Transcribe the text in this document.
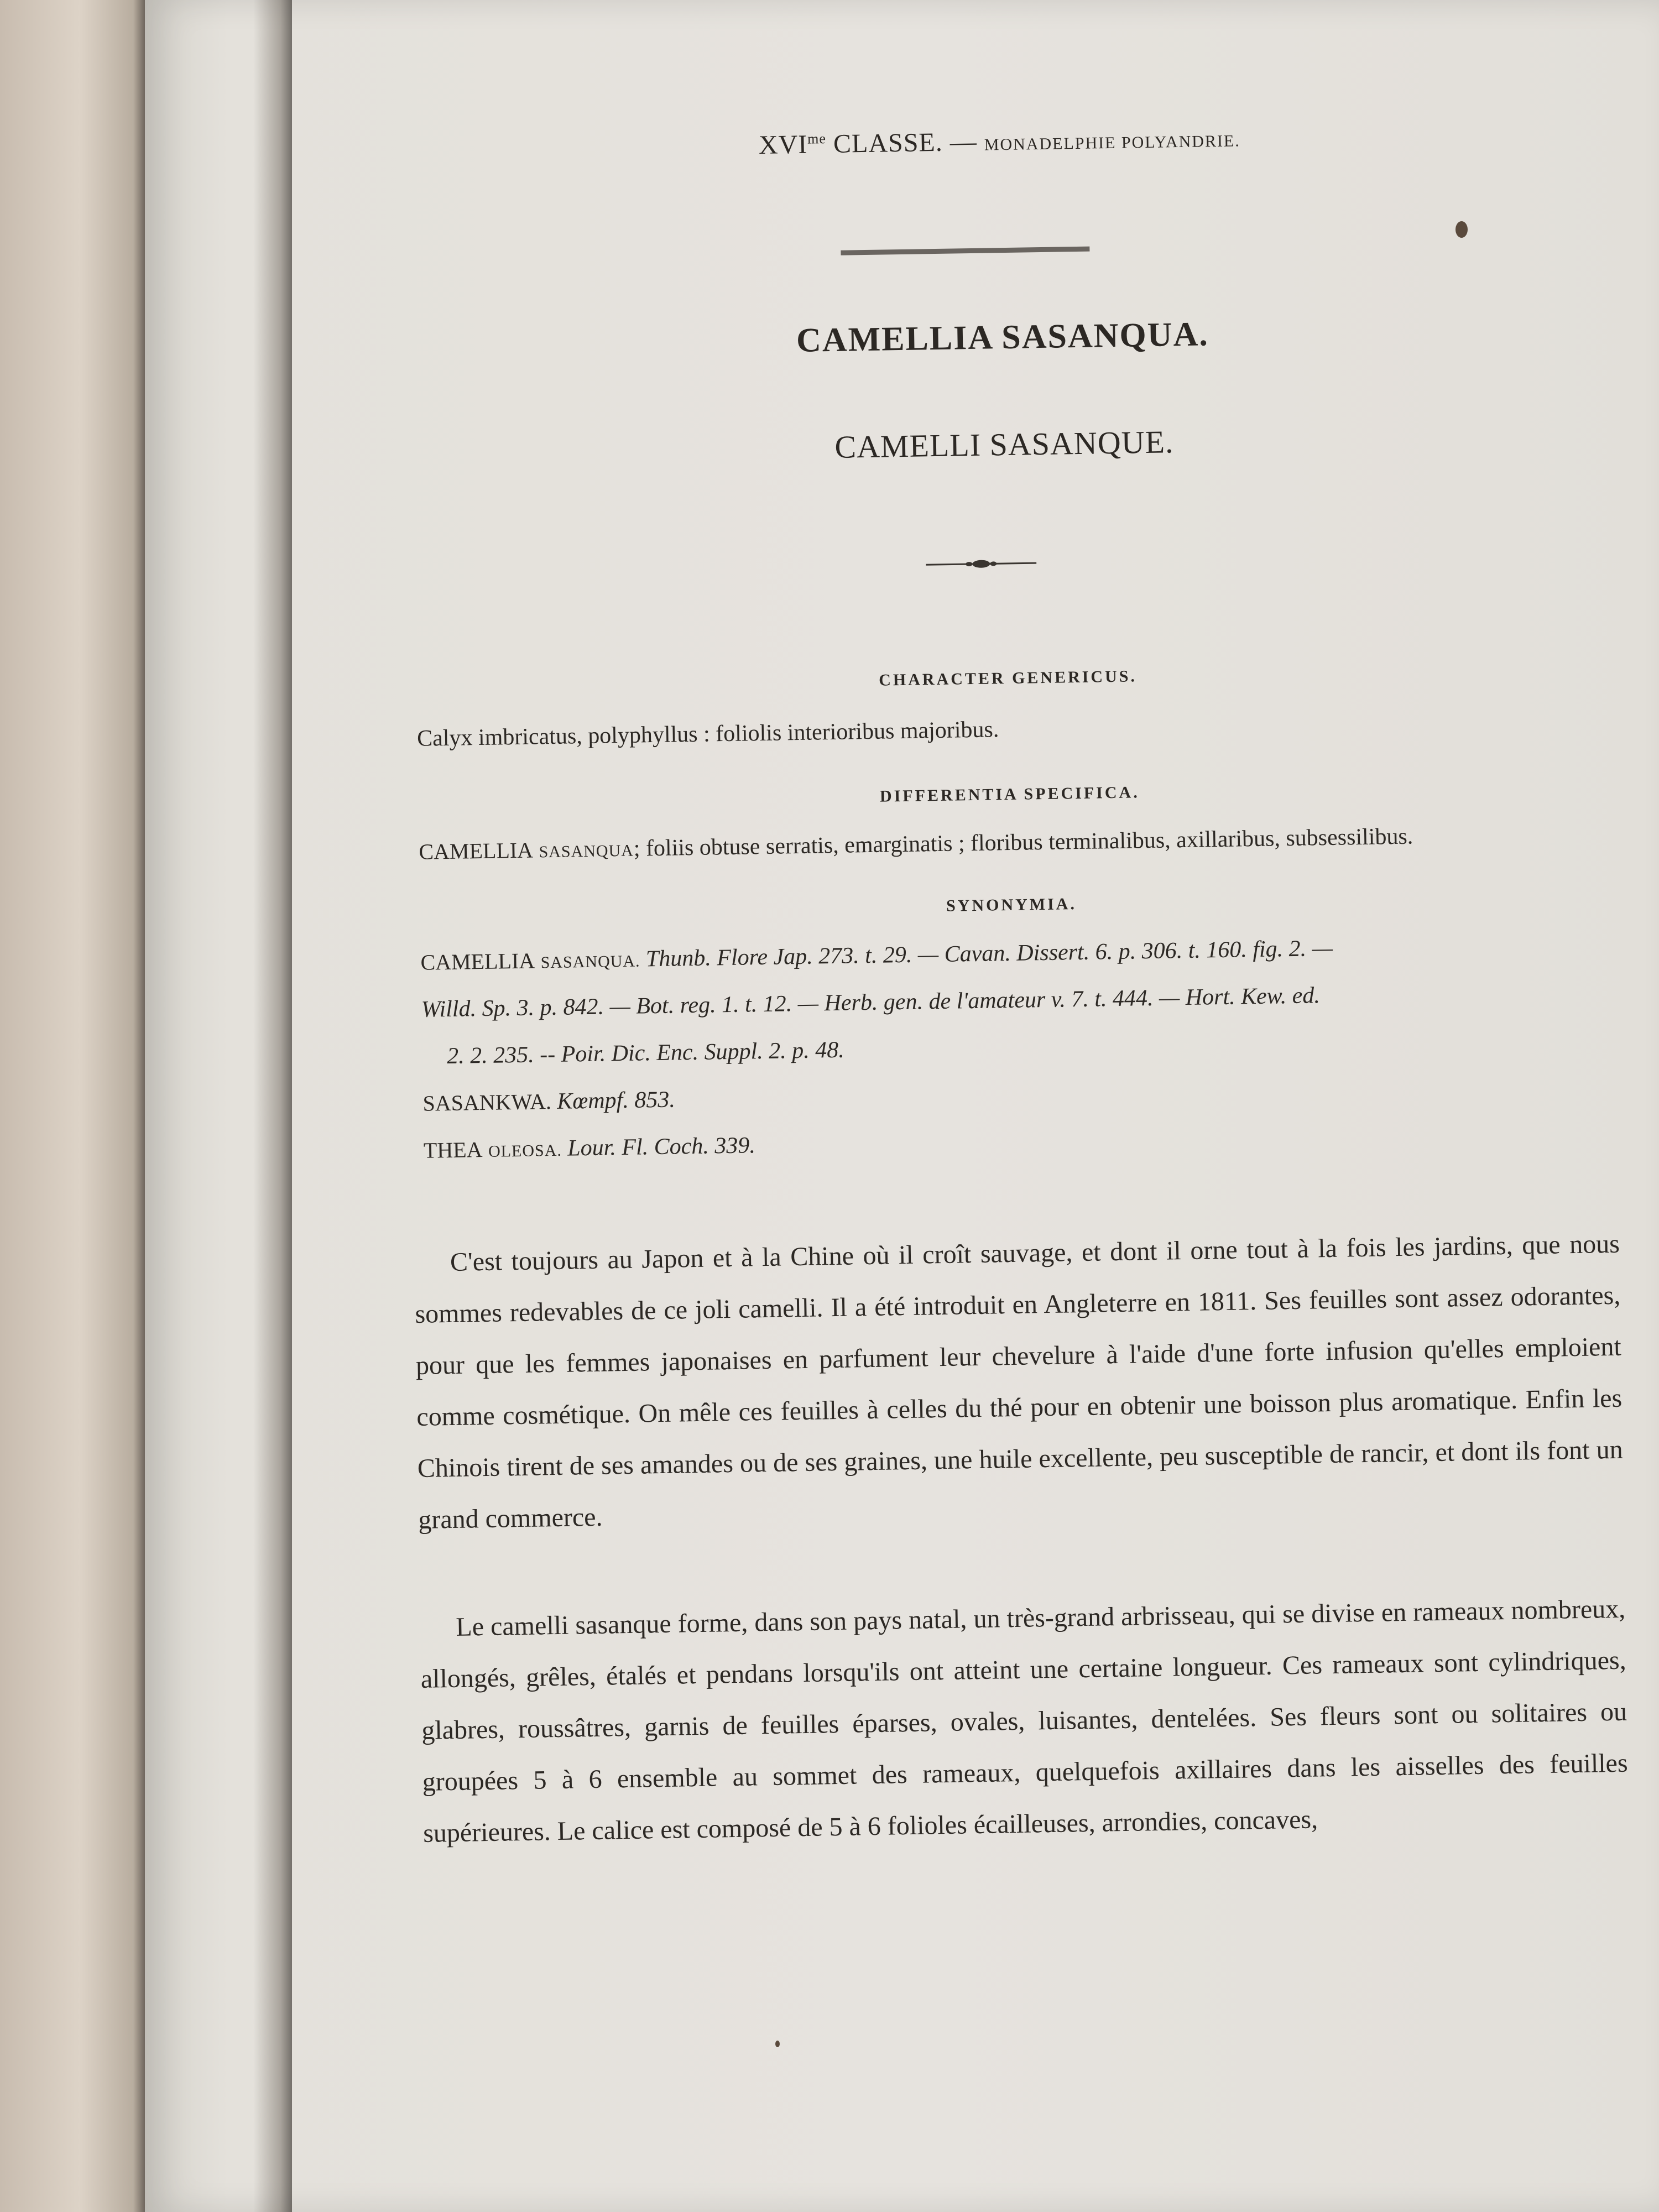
$XVI^{me}$ CLASSE. — MONADELPHIE POLYANDRIE.
CAMELLIA SASANQUA.
CAMELLI SASANQUE.
CHARACTER GENERICUS.
Calyx imbricatus, polyphyllus : foliolis interioribus majoribus.
DIFFERENTIA SPECIFICA.
CAMELLIA SASANQUA; foliis obtuse serratis, emarginatis ; floribus terminalibus, axillaribus, subsessilibus.
SYNONYMIA.
CAMELLIA SASANQUA. Thunb. Flore Jap. 273. t. 29. — Cavan. Dissert. 6. p. 306. t. 160. fig. 2. —
Willd. Sp. 3. p. 842. — Bot. reg. 1. t. 12. — Herb. gen. de l'amateur v. 7. t. 444. — Hort. Kew. ed.
2. 2. 235. -- Poir. Dic. Enc. Suppl. 2. p. 48.
SASANKWA. Kœmpf. 853.
THEA OLEOSA. Lour. Fl. Coch. 339.
C'est toujours au Japon et à la Chine où il croît sauvage, et dont il orne tout à la fois les jardins, que nous sommes redevables de ce joli camelli. Il a été introduit en Angleterre en 1811. Ses feuilles sont assez odorantes, pour que les femmes japonaises en parfument leur chevelure à l'aide d'une forte infusion qu'elles emploient comme cosmétique. On mêle ces feuilles à celles du thé pour en obtenir une boisson plus aromatique. Enfin les Chinois tirent de ses amandes ou de ses graines, une huile excellente, peu susceptible de rancir, et dont ils font un grand commerce.
Le camelli sasanque forme, dans son pays natal, un très-grand arbrisseau, qui se divise en rameaux nombreux, allongés, grêles, étalés et pendans lorsqu'ils ont atteint une certaine longueur. Ces rameaux sont cylindriques, glabres, roussâtres, garnis de feuilles éparses, ovales, luisantes, dentelées. Ses fleurs sont ou solitaires ou groupées 5 à 6 ensemble au sommet des rameaux, quelquefois axillaires dans les aisselles des feuilles supérieures. Le calice est composé de 5 à 6 folioles écailleuses, arrondies, concaves,
